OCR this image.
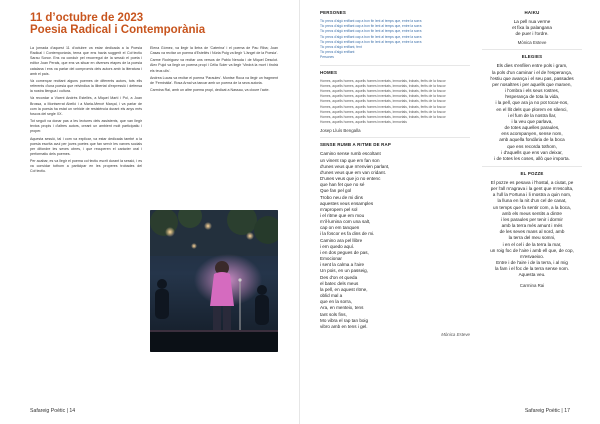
11 d’octubre de 2023
Poesia Radical i Contemporània

La jornada d'aquest 11 d'octubre va estar dedicada a la Poesia Radical i Contemporània, tema que ens havia suggerit el Col·lectiu Sarau Sonor. Ens va conduir pel recorregut de la sessió el poeta i editor Joan Perals, que ens va situar en diverses etapes de la poesia catalana i ens va parlar del compromís dels autors amb la literatura i amb el país.

Va començar recitant alguns poemes de diferents autors, tots ells referents d'una poesia que reivindica la llibertat d'expressió i defensa la nostra llengua i cultura.

Va recordar a Vicent Andrés Estellés, a Miquel Martí i Pol, a Joan Brossa, a Montserrat Abelló i a Maria-Mercè Marçal, i va parlar de com la poesia ha estat un vehicle de resistència durant els anys més foscos del segle XX.

Tot seguit va donar pas a les lectures dels assistents, que van llegir textos propis i d'altres autors, creant un ambient molt participatiu i proper.

Aquesta sessió, tal i com va explicar, va estar dedicada també a la poesia escrita avui per joves poetes que fan servir les xarxes socials per difondre les seves obres, i que recuperen el caràcter oral i performatiu dels poemes.

Per acabar, es va llegir el poema col·lectiu escrit durant la sessió, i es va convidar tothom a participar en les properes trobades del Col·lectiu.

Elena Gómez, va llegir la lletra de 'Caterina' i el poema de Pau Riba; Joan Casas va recitar un poema d'Estellés i Núria Puig va llegir 'L'àngel de la Poesia'.

Carme Rodríguez va recitar uns versos de Pablo Neruda i de Miquel Desclot. Alex Pujol va llegir un poema propi i Cèlia Soler va llegir 'Vindrà la mort i tindrà els teus ulls'.

Andrea Lucas va recitar el poema 'Paraules'. Montse Roca va llegir un fragment de 'Feminàlia'. Rosa Arnal va tancar amb un poema de la seva autoria.

Carmina Rai, amb un altre poema propi, dedicat a Nassau, va cloure l'acte.

Safareig Poètic | 14
PERSONES
Tic precs d'algú enfilant cap a bon fin lent al temps que, entre la sorra
Tic precs d'algú enfilant cap a bon fin lent al temps que, entre la sorra
Tic precs d'algú enfilant cap a bon fin lent al temps que, entre la sorra
Tic precs d'algú enfilant cap a bon fin lent al temps que, entre la sorra
Tic precs d'algú enfilant cap a bon fin lent al temps que, entre la sorra
Tic precs d'algú enfilant, fent
Tic precs d'algú enfilant
Persones
HOMES
Homes, aquells homes, aquells homes inventats, immortals, trobats, ferits de la foscor
Homes, aquells homes, aquells homes inventats, immortals, trobats, ferits de la foscor
Homes, aquells homes, aquells homes inventats, immortals, trobats, ferits de la foscor
Homes, aquells homes, aquells homes inventats, immortals, trobats, ferits de la foscor
Homes, aquells homes, aquells homes inventats, immortals, trobats, ferits de la foscor
Homes, aquells homes, aquells homes inventats, immortals, trobats, ferits de la foscor
Homes, aquells homes, aquells homes inventats, immortals, trobats, ferits de la foscor
Homes, aquells homes, aquells homes inventats, immortals, trobats, ferits de la foscor
Homes, aquells homes, aquells homes inventats, immortals
Josep Lluís Bengalla
SENSE RUMB A RITME DE RAP
Camino sense rumb escoltant
un vinent rap que em fan son
d'unes veus que m'envien parlant,
d'unes veus que em van cridant.
D'unes veus que jo no entenc
que han fet que no sé
Que fan pel gol
Trobo neu de mi dins
aquestes veus ensamples
m'apropem pel sol
i el ritme que em mou
m'il·lumina com una salt,
cap on em tanquen
i la foscor es fa dins de mi.
Camino ara pel llibre
i em quedo aquí.
i en dos pegues de pas,
Emocionar
i sent la calma a l'aire
Un pois, en un passeig,
Des d'on et queda
el batec dels meus
la pell, en aquest ritme,
oblid mal a
que en la sorra,
Ara, en menteix, tens
tant sols fins,
Mo vibra el rap tan boig
vibro amb en tens i gel.
Mònica Esteve
HAIKU
La pell nua verme
et fixa la palangana
de puer i l'ordre.
Mònica Esteve
ELEGIES
Els dies s'enfilen entre pols i gram,
la pols d'un caminar i el de l'esperança,
l'estiu que avança i el seu pas, passades
per nosaltres i per aquells que marxen,
i l'ombra i els seus rostres,
l'esperança de tota la vida,
i la pell, que ara ja no pot tocar-nos,
en el llit dels que plorem en silenci,
i el fum de la nostra llar,
i la veu que parlava,
de totes aquelles paraules,
ens acompanyen, sense nom,
amb aquella fondària de la boca
que ens recorda tothom,
i d'aquells que ens van deixar,
i de totes les coses, allò que importa.
EL POZZE
El pozze es pesava i l'hostal, a ciutat, pe
per l'all m'agrava i la gent que m'escolta,
a l'ull la Fortuna i li mostra a quin nom,
la lluna en la nit d'un cel de canat,
un temps que fa sentir com, a la boca,
amb els meus sentits a dintre
i les paraules per tenir i dormir
amb la terra més amunt i més
de les seves mans al nord, amb
la terra del meu somni,
i en el cel i de la terra la mar,
un roig foc de l'aire i amb ell que, de cop,
m'esvaeixo.
Entre i de l'aire i de la terra, i al mig
la fam i el foc de la terra sense nom.
Aquesta veu.
Carmina Rai
Safareig Poètic | 17
